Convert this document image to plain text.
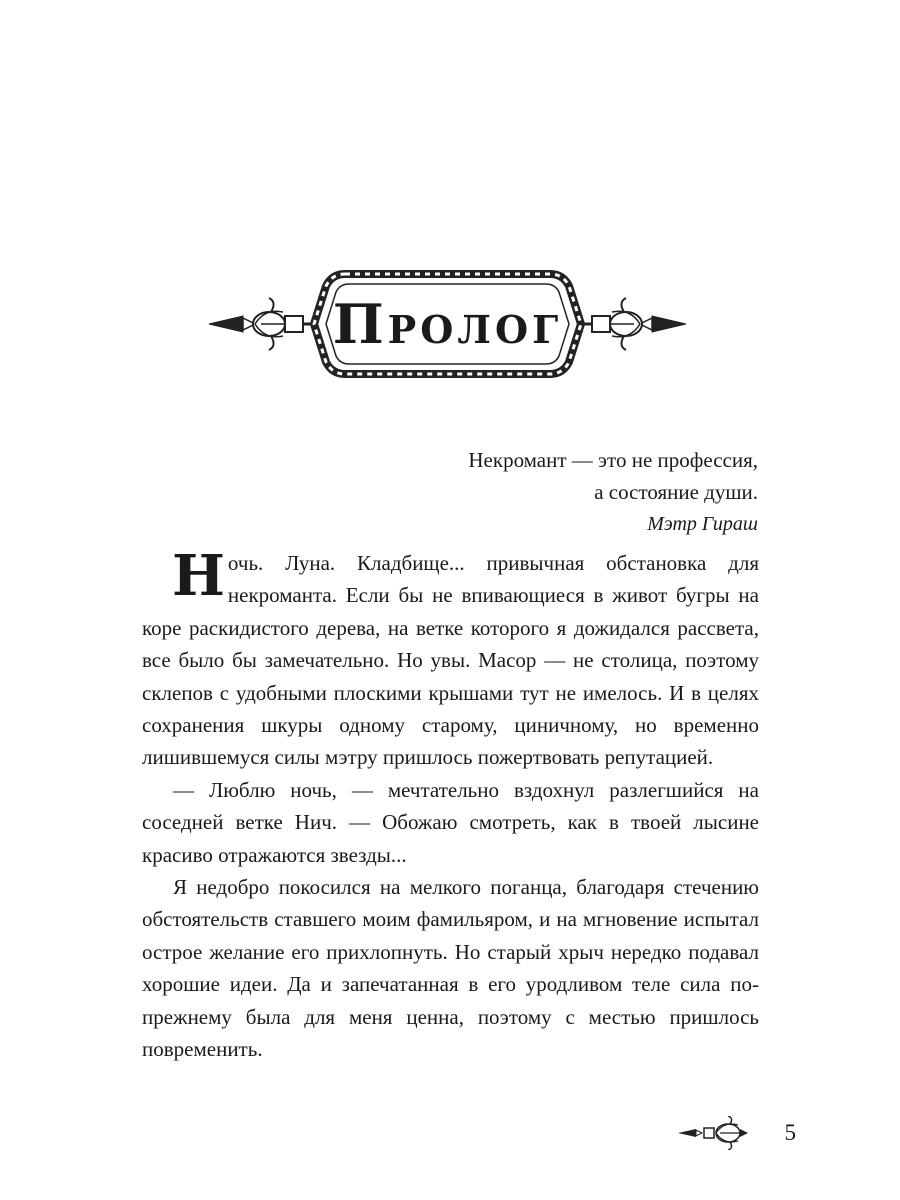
Пролог
Некромант — это не профессия,
а состояние души.
Мэтр Гираш

Ночь. Луна. Кладбище... привычная обстановка для некроманта. Если бы не впивающиеся в живот бугры на коре раскидистого дерева, на ветке которого я дожидался рассвета, все было бы замечательно. Но увы. Масор — не столица, поэтому склепов с удобными плоскими крышами тут не имелось. И в целях сохранения шкуры одному старому, циничному, но временно лишившемуся силы мэтру пришлось пожертвовать репутацией.

— Люблю ночь, — мечтательно вздохнул разлегшийся на соседней ветке Нич. — Обожаю смотреть, как в твоей лысине красиво отражаются звезды...

Я недобро покосился на мелкого поганца, благодаря стечению обстоятельств ставшего моим фамильяром, и на мгновение испытал острое желание его прихлопнуть. Но старый хрыч нередко подавал хорошие идеи. Да и запечатанная в его уродливом теле сила по-прежнему была для меня ценна, поэтому с местью пришлось повременить.

5
